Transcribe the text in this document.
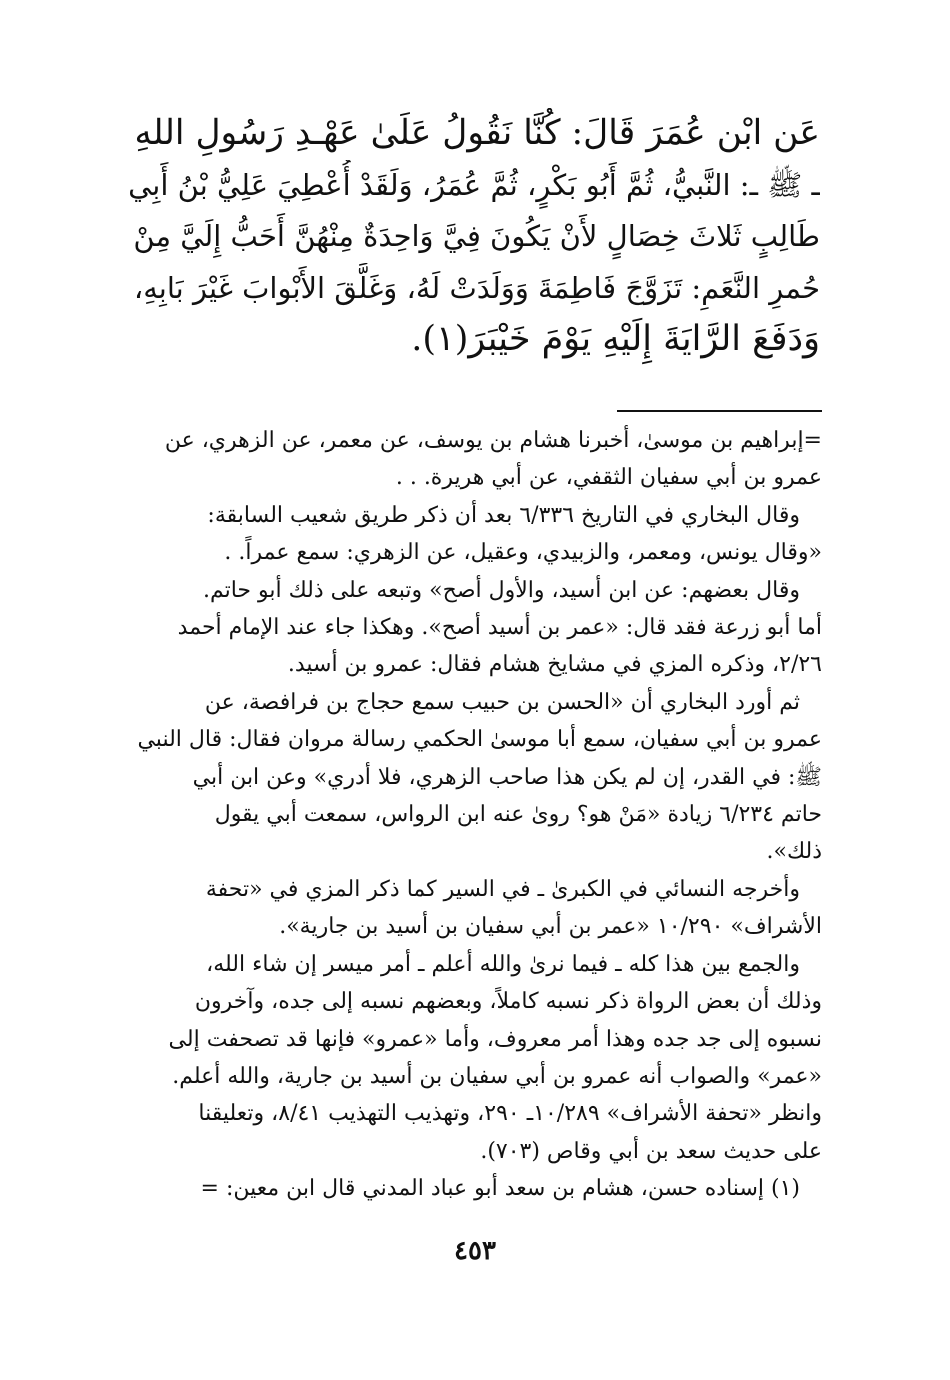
عَن ابْن عُمَرَ قَالَ: كُنَّا نَقُولُ عَلَىٰ عَهْـدِ رَسُولِ اللهِ
ـ ﷺ ـ: النَّبيُّ، ثُمَّ أَبُو بَكْرٍ، ثُمَّ عُمَرُ، وَلَقَدْ أُعْطِيَ عَلِيُّ بْنُ أَبِي
طَالِبٍ ثَلاثَ خِصَالٍ لأَنْ يَكُونَ فِيَّ وَاحِدَةٌ مِنْهُنَّ أَحَبُّ إِلَيَّ مِنْ
حُمرِ النَّعَمِ: تَزَوَّجَ فَاطِمَةَ وَوَلَدَتْ لَهُ، وَغَلَّقَ الأَبْوابَ غَيْرَ بَابِهِ،
وَدَفَعَ الرَّايَةَ إِلَيْهِ يَوْمَ خَيْبَرَ(١).
=إبراهيم بن موسىٰ، أخبرنا هشام بن يوسف، عن معمر، عن الزهري، عن
عمرو بن أبي سفيان الثقفي، عن أبي هريرة. . .
وقال البخاري في التاريخ ٦/٣٣٦ بعد أن ذكر طريق شعيب السابقة:
«وقال يونس، ومعمر، والزبيدي، وعقيل، عن الزهري: سمع عمراً. .
وقال بعضهم: عن ابن أسيد، والأول أصح» وتبعه على ذلك أبو حاتم.
أما أبو زرعة فقد قال: «عمر بن أسيد أصح». وهكذا جاء عند الإمام أحمد
٢/٢٦، وذكره المزي في مشايخ هشام فقال: عمرو بن أسيد.
ثم أورد البخاري أن «الحسن بن حبيب سمع حجاج بن فرافصة، عن
عمرو بن أبي سفيان، سمع أبا موسىٰ الحكمي رسالة مروان فقال: قال النبي
ﷺ: في القدر، إن لم يكن هذا صاحب الزهري، فلا أدري» وعن ابن أبي
حاتم ٦/٢٣٤ زيادة «مَنْ هو؟ روىٰ عنه ابن الرواس، سمعت أبي يقول
ذلك».
وأخرجه النسائي في الكبرىٰ ـ في السير كما ذكر المزي في «تحفة
الأشراف» ١٠/٢٩٠ «عمر بن أبي سفيان بن أسيد بن جارية».
والجمع بين هذا كله ـ فيما نرىٰ والله أعلم ـ أمر ميسر إن شاء الله،
وذلك أن بعض الرواة ذكر نسبه كاملاً، وبعضهم نسبه إلى جده، وآخرون
نسبوه إلى جد جده وهذا أمر معروف، وأما «عمرو» فإنها قد تصحفت إلى
«عمر» والصواب أنه عمرو بن أبي سفيان بن أسيد بن جارية، والله أعلم.
وانظر «تحفة الأشراف» ١٠/٢٨٩ـ ٢٩٠، وتهذيب التهذيب ٨/٤١، وتعليقنا
على حديث سعد بن أبي وقاص (٧٠٣).
(١) إسناده حسن، هشام بن سعد أبو عباد المدني قال ابن معين: =
٤٥٣
